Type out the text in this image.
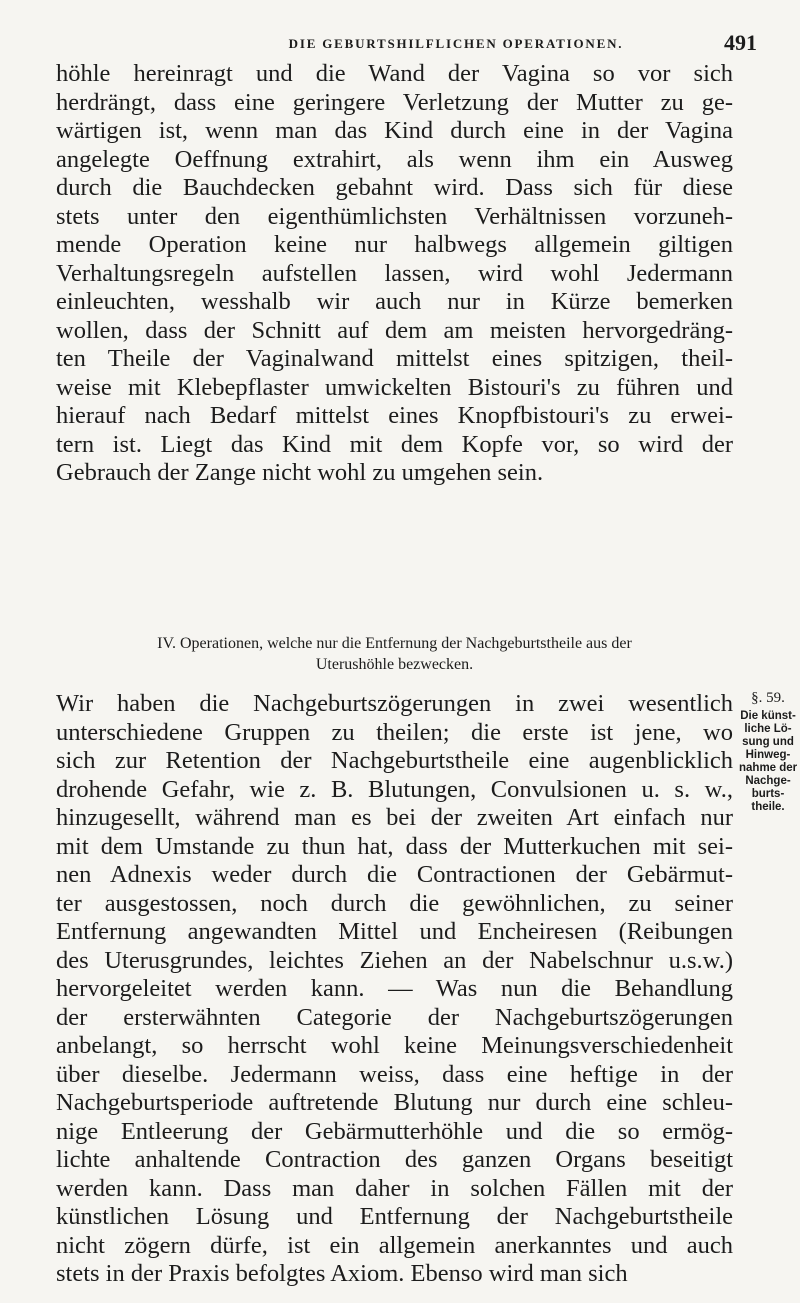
DIE GEBURTSHILFLICHEN OPERATIONEN.	491
höhle hereinragt und die Wand der Vagina so vor sich
herdrängt, dass eine geringere Verletzung der Mutter zu ge-
wärtigen ist, wenn man das Kind durch eine in der Vagina
angelegte Oeffnung extrahirt, als wenn ihm ein Ausweg
durch die Bauchdecken gebahnt wird. Dass sich für diese
stets unter den eigenthümlichsten Verhältnissen vorzuneh-
mende Operation keine nur halbwegs allgemein giltigen
Verhaltungsregeln aufstellen lassen, wird wohl Jedermann
einleuchten, wesshalb wir auch nur in Kürze bemerken
wollen, dass der Schnitt auf dem am meisten hervorgedräng-
ten Theile der Vaginalwand mittelst eines spitzigen, theil-
weise mit Klebepflaster umwickelten Bistouri's zu führen und
hierauf nach Bedarf mittelst eines Knopfbistouri's zu erwei-
tern ist. Liegt das Kind mit dem Kopfe vor, so wird der
Gebrauch der Zange nicht wohl zu umgehen sein.
IV. Operationen, welche nur die Entfernung der Nachgeburtstheile aus der
Uterushöhle bezwecken.
Wir haben die Nachgeburtszögerungen in zwei wesentlich
unterschiedene Gruppen zu theilen; die erste ist jene, wo
sich zur Retention der Nachgeburtstheile eine augenblicklich
drohende Gefahr, wie z. B. Blutungen, Convulsionen u. s. w.,
hinzugesellt, während man es bei der zweiten Art einfach nur
mit dem Umstande zu thun hat, dass der Mutterkuchen mit sei-
nen Adnexis weder durch die Contractionen der Gebärmut-
ter ausgestossen, noch durch die gewöhnlichen, zu seiner
Entfernung angewandten Mittel und Encheiresen (Reibungen
des Uterusgrundes, leichtes Ziehen an der Nabelschnur u.s.w.)
hervorgeleitet werden kann. — Was nun die Behandlung
der ersterwähnten Categorie der Nachgeburtszögerungen
anbelangt, so herrscht wohl keine Meinungsverschiedenheit
über dieselbe. Jedermann weiss, dass eine heftige in der
Nachgeburtsperiode auftretende Blutung nur durch eine schleu-
nige Entleerung der Gebärmutterhöhle und die so ermög-
lichte anhaltende Contraction des ganzen Organs beseitigt
werden kann. Dass man daher in solchen Fällen mit der
künstlichen Lösung und Entfernung der Nachgeburtstheile
nicht zögern dürfe, ist ein allgemein anerkanntes und auch
stets in der Praxis befolgtes Axiom. Ebenso wird man sich
§. 59.
Die künst-
liche Lö-
sung und
Hinweg-
nahme der
Nachge-
burts-
theile.
